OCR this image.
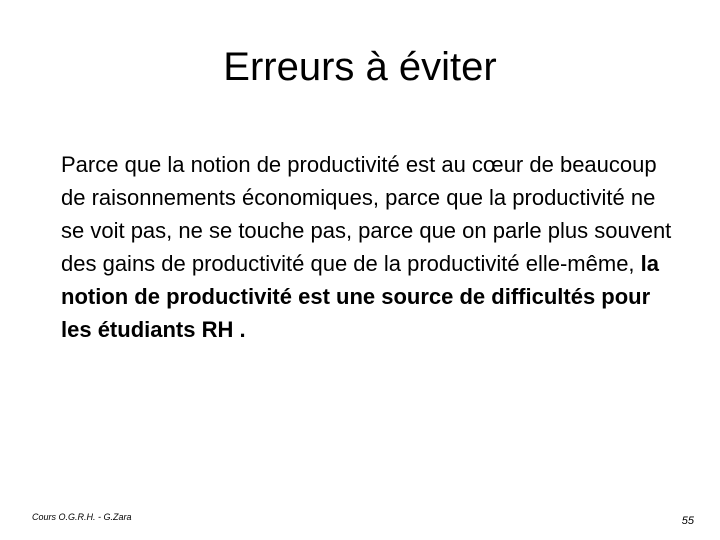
Erreurs à éviter

Parce que la notion de productivité est au cœur de beaucoup de raisonnements économiques, parce que la productivité ne se voit pas, ne se touche pas, parce que on parle plus souvent des gains de productivité que de la productivité elle-même, la notion de productivité est une source de difficultés pour les étudiants RH .

Cours O.G.R.H. - G.Zara	55
